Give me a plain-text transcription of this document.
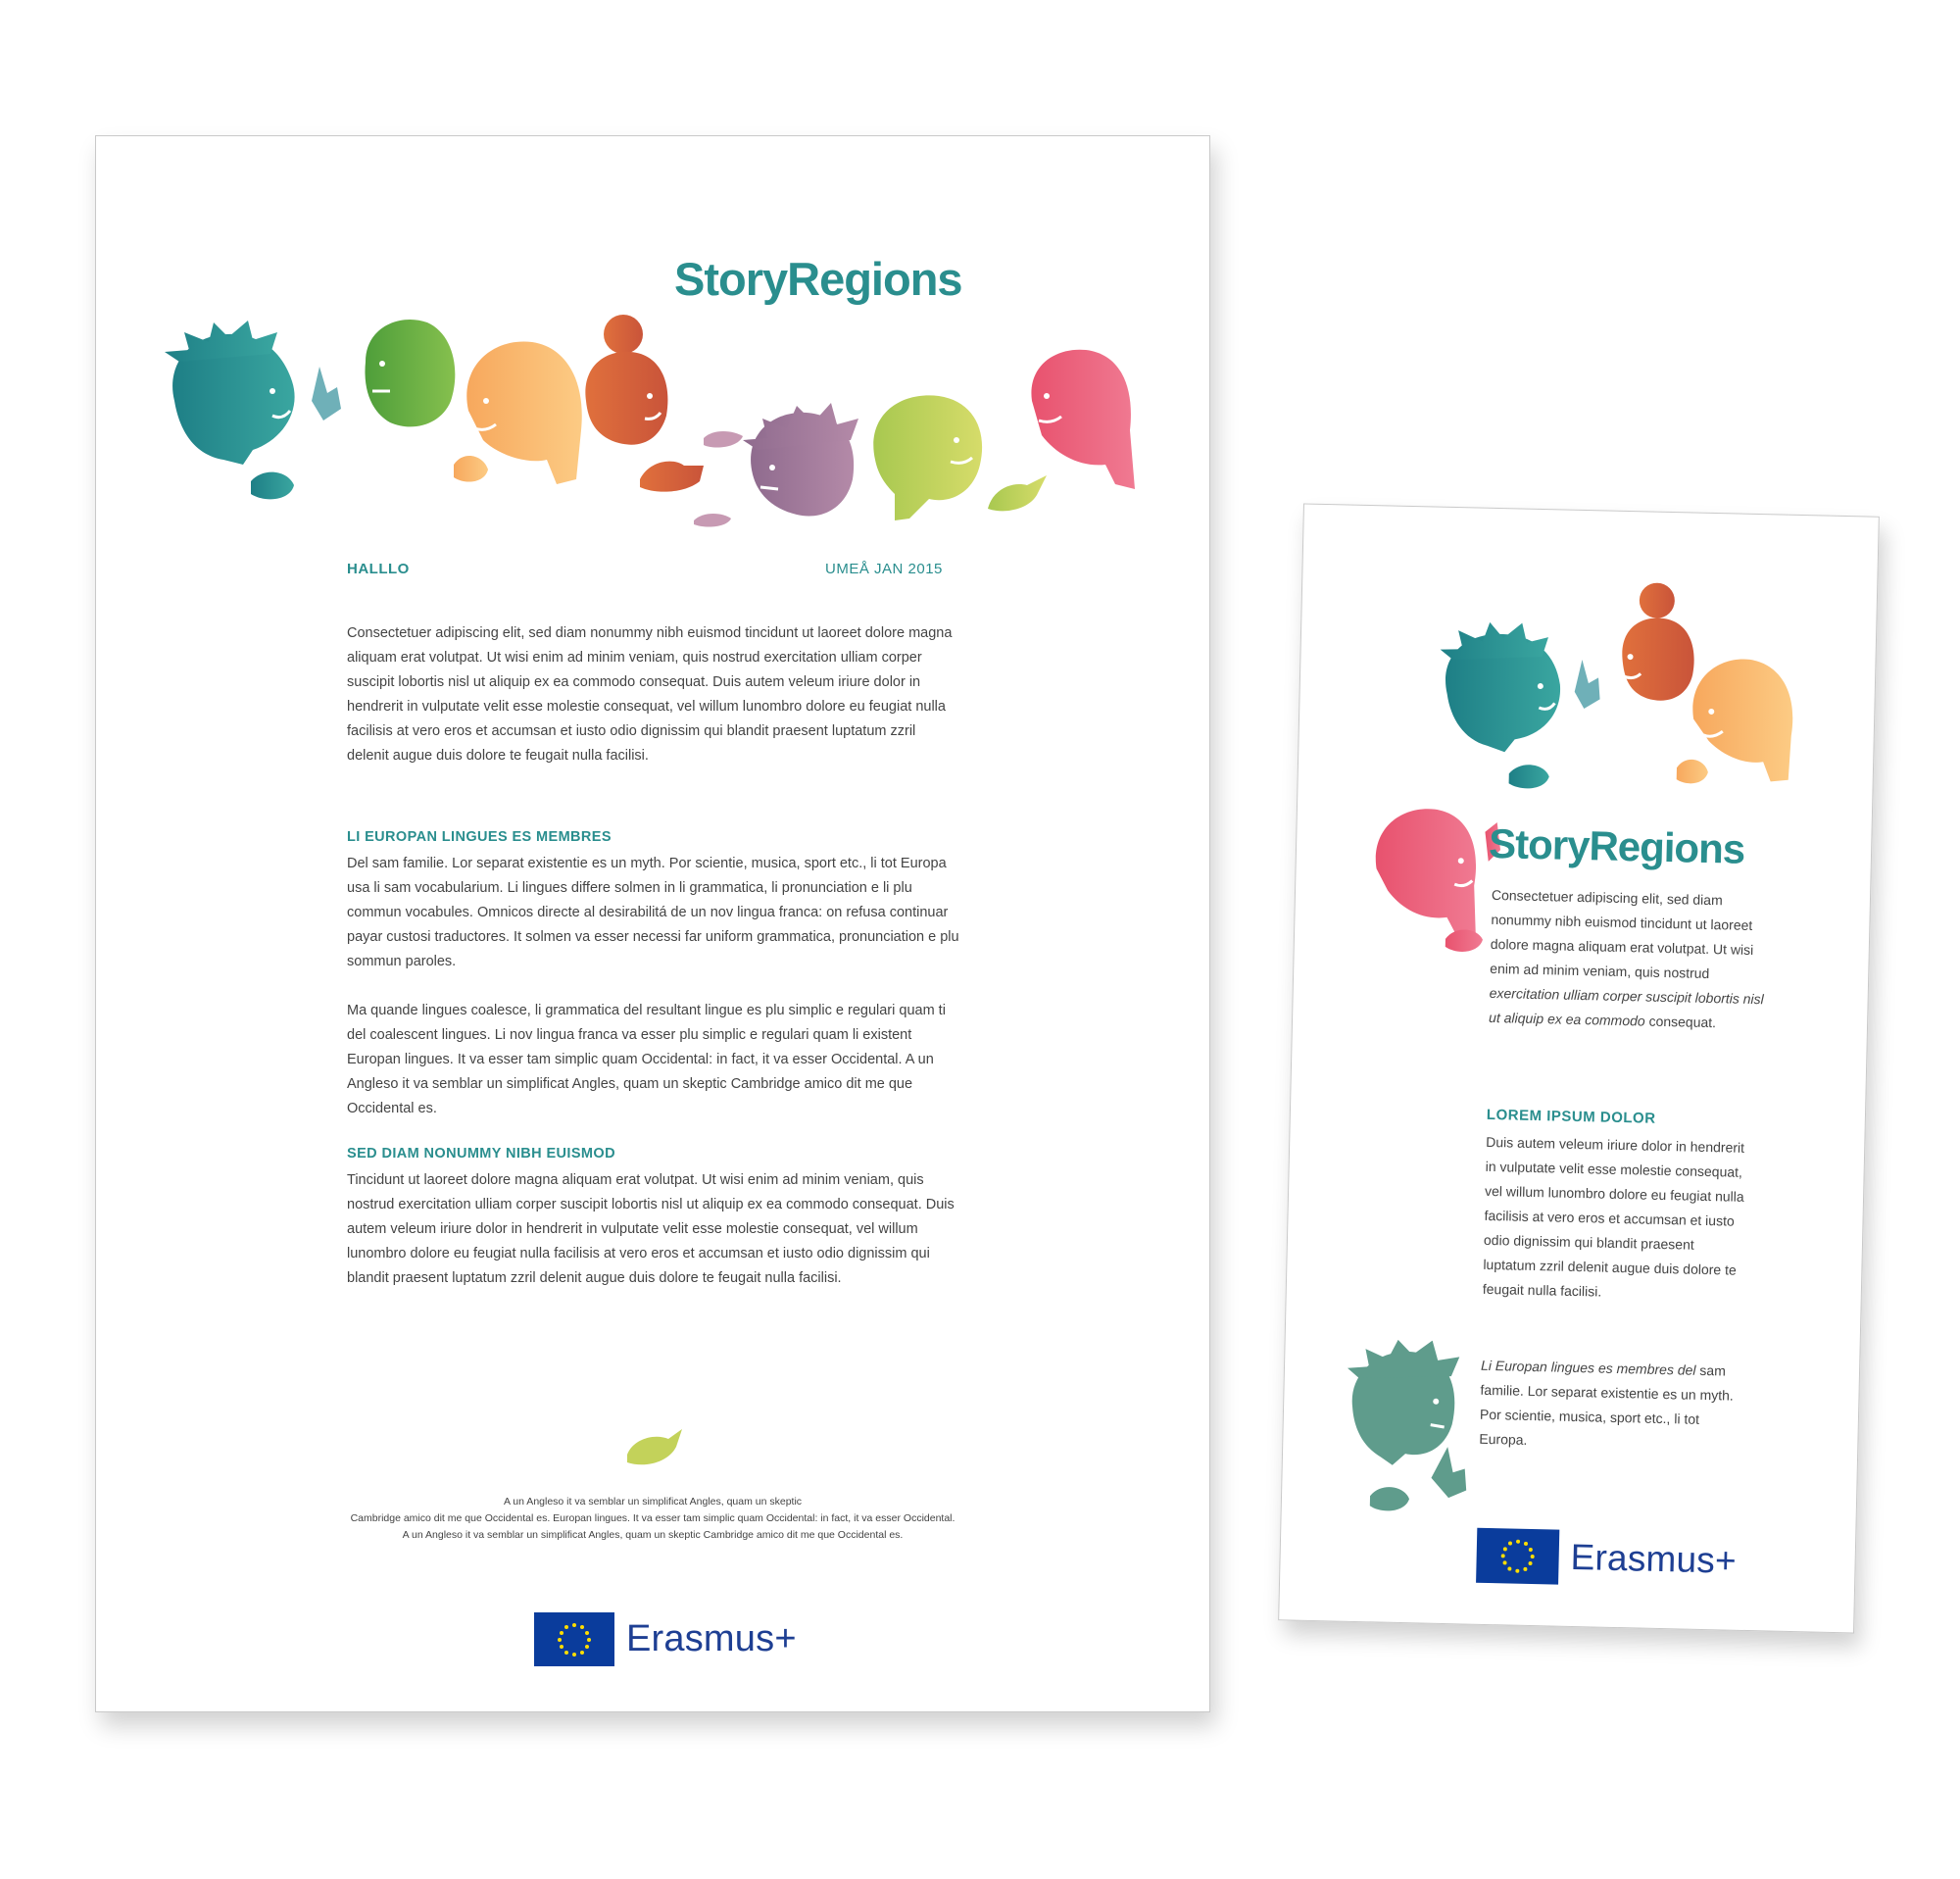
StoryRegions
HALLLO	UMEÅ JAN 2015

Consectetuer adipiscing elit, sed diam nonummy nibh euismod tincidunt ut laoreet dolore magna aliquam erat volutpat. Ut wisi enim ad minim veniam, quis nostrud exercitation ulliam corper suscipit lobortis nisl ut aliquip ex ea commodo consequat. Duis autem veleum iriure dolor in hendrerit in vulputate velit esse molestie consequat, vel willum lunombro dolore eu feugiat nulla facilisis at vero eros et accumsan et iusto odio dignissim qui blandit praesent luptatum zzril delenit augue duis dolore te feugait nulla facilisi.

LI EUROPAN LINGUES ES MEMBRES

Del sam familie. Lor separat existentie es un myth. Por scientie, musica, sport etc., li tot Europa usa li sam vocabularium. Li lingues differe solmen in li grammatica, li pronunciation e li plu commun vocabules. Omnicos directe al desirabilitá de un nov lingua franca: on refusa continuar payar custosi traductores. It solmen va esser necessi far uniform grammatica, pronunciation e plu sommun paroles.

Ma quande lingues coalesce, li grammatica del resultant lingue es plu simplic e regulari quam ti del coalescent lingues. Li nov lingua franca va esser plu simplic e regulari quam li existent Europan lingues. It va esser tam simplic quam Occidental: in fact, it va esser Occidental. A un Angleso it va semblar un simplificat Angles, quam un skeptic Cambridge amico dit me que Occidental es.

SED DIAM NONUMMY NIBH EUISMOD

Tincidunt ut laoreet dolore magna aliquam erat volutpat. Ut wisi enim ad minim veniam, quis nostrud exercitation ulliam corper suscipit lobortis nisl ut aliquip ex ea commodo consequat. Duis autem veleum iriure dolor in hendrerit in vulputate velit esse molestie consequat, vel willum lunombro dolore eu feugiat nulla facilisis at vero eros et accumsan et iusto odio dignissim qui blandit praesent luptatum zzril delenit augue duis dolore te feugait nulla facilisi.

A un Angleso it va semblar un simplificat Angles, quam un skeptic
Cambridge amico dit me que Occidental es. Europan lingues. It va esser tam simplic quam Occidental: in fact, it va esser Occidental.
A un Angleso it va semblar un simplificat Angles, quam un skeptic Cambridge amico dit me que Occidental es.
Erasmus+
StoryRegions

Consectetuer adipiscing elit, sed diam nonummy nibh euismod tincidunt ut laoreet dolore magna aliquam erat volutpat. Ut wisi enim ad minim veniam, quis nostrud exercitation ulliam corper suscipit lobortis nisl ut aliquip ex ea commodo consequat.

LOREM IPSUM DOLOR

Duis autem veleum iriure dolor in hendrerit in vulputate velit esse molestie consequat, vel willum lunombro dolore eu feugiat nulla facilisis at vero eros et accumsan et iusto odio dignissim qui blandit praesent luptatum zzril delenit augue duis dolore te feugait nulla facilisi.

Li Europan lingues es membres del sam familie. Lor separat existentie es un myth. Por scientie, musica, sport etc., li tot Europa.

Erasmus+
